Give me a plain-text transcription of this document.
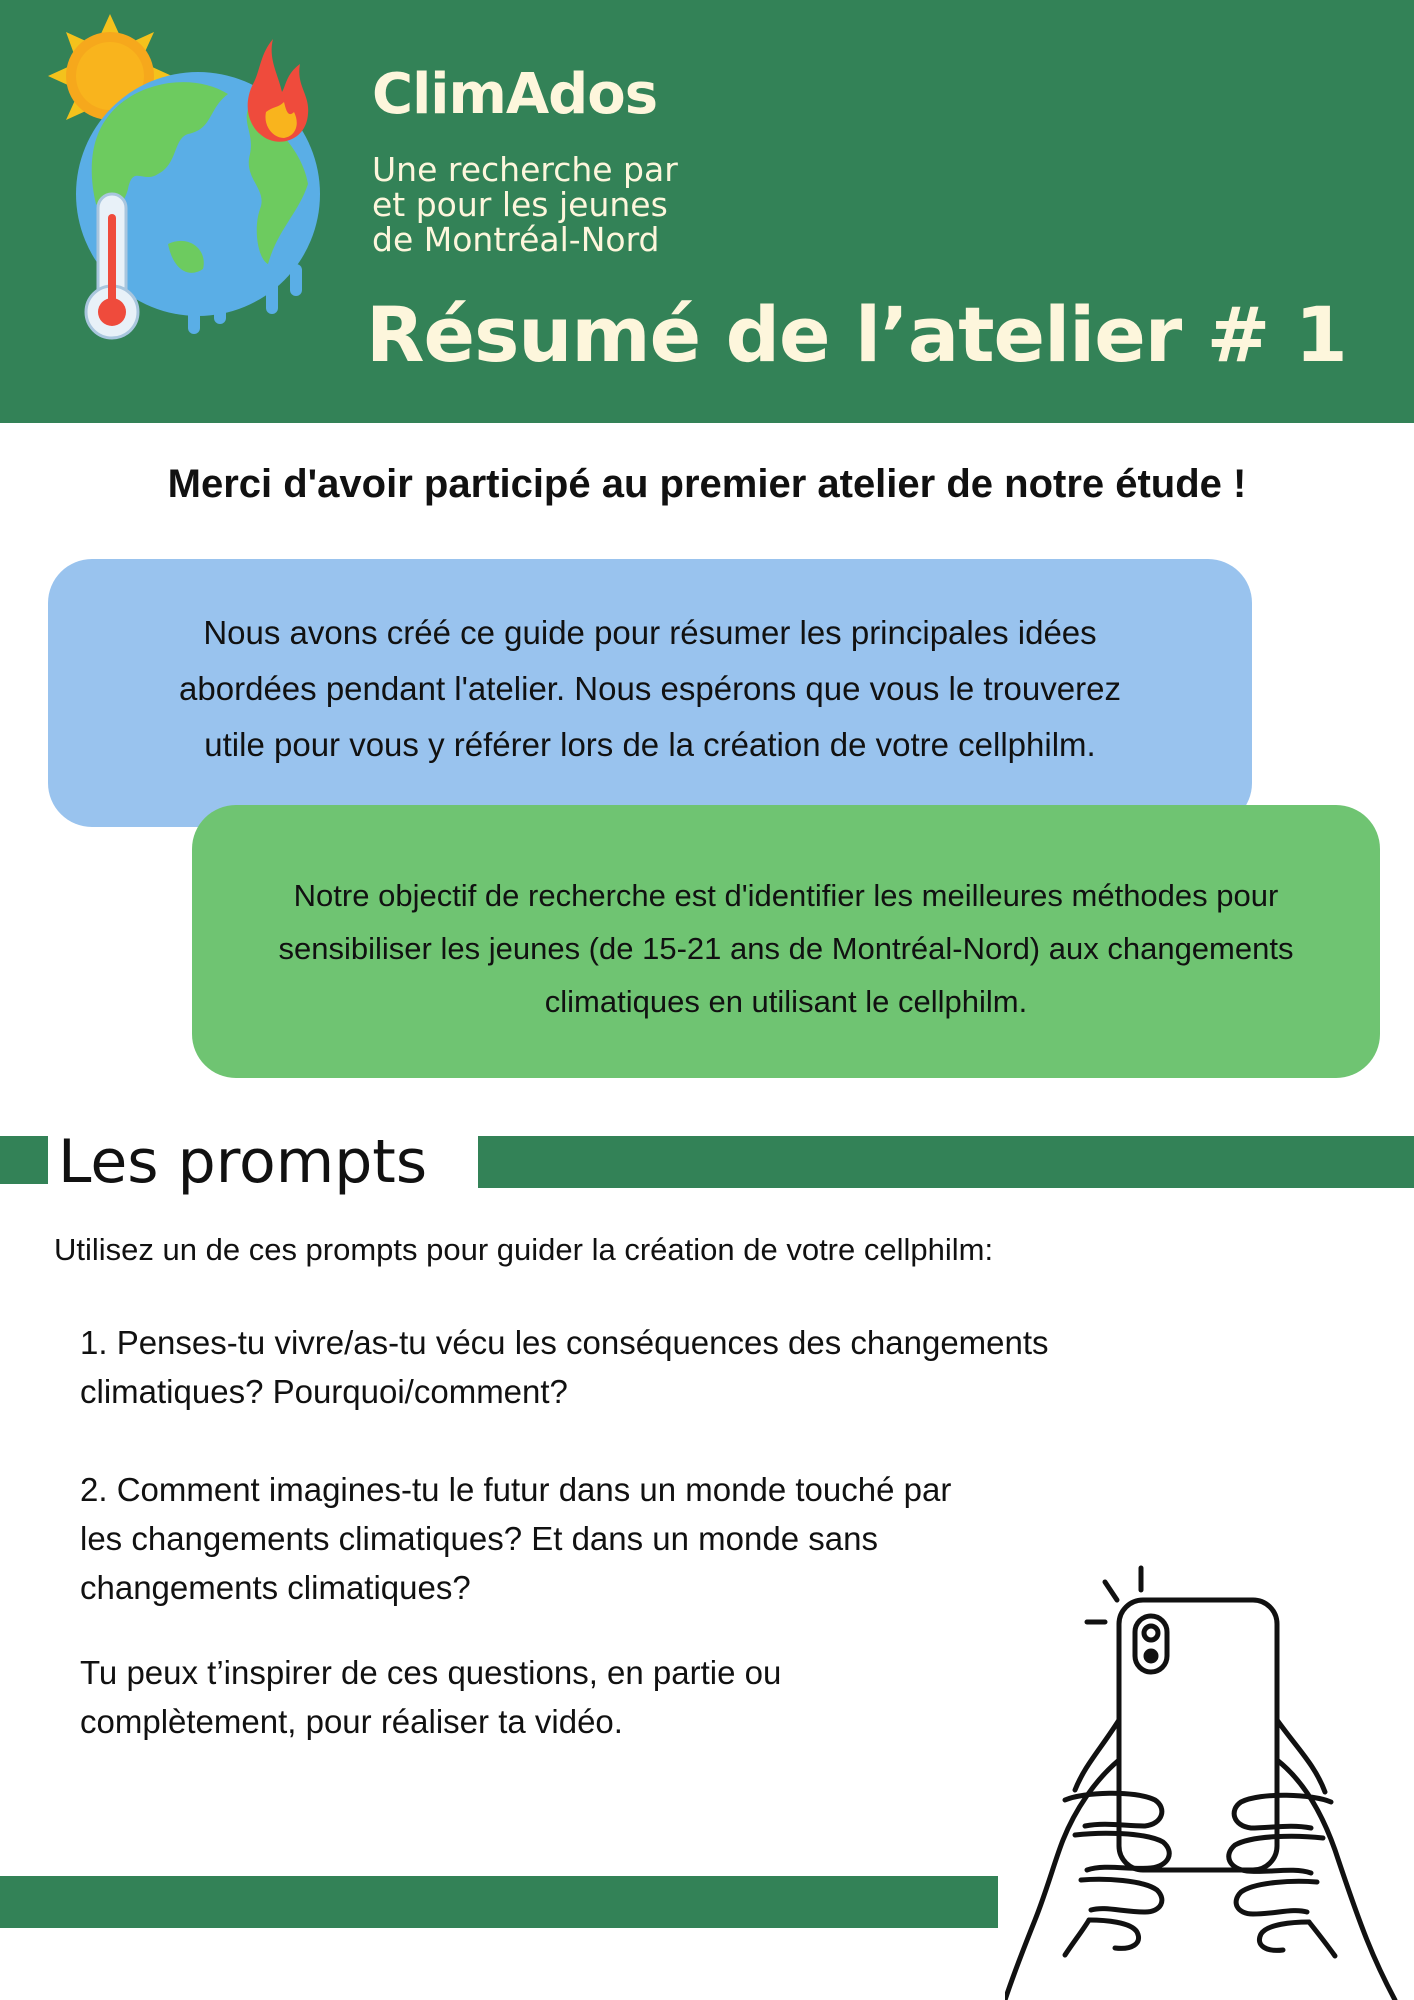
ClimAdos
Une recherche par
et pour les jeunes
de Montréal-Nord
Résumé de l’atelier # 1
Merci d'avoir participé au premier atelier de notre étude !
Nous avons créé ce guide pour résumer les principales idées
abordées pendant l'atelier. Nous espérons que vous le trouverez
utile pour vous y référer lors de la création de votre cellphilm.
Notre objectif de recherche est d'identifier les meilleures méthodes pour
sensibiliser les jeunes (de 15-21 ans de Montréal-Nord) aux changements
climatiques en utilisant le cellphilm.
Les prompts
Utilisez un de ces prompts pour guider la création de votre cellphilm:
1. Penses-tu vivre/as-tu vécu les conséquences des changements
climatiques? Pourquoi/comment?
2. Comment imagines-tu le futur dans un monde touché par
les changements climatiques? Et dans un monde sans
changements climatiques?
Tu peux t’inspirer de ces questions, en partie ou
complètement, pour réaliser ta vidéo.
